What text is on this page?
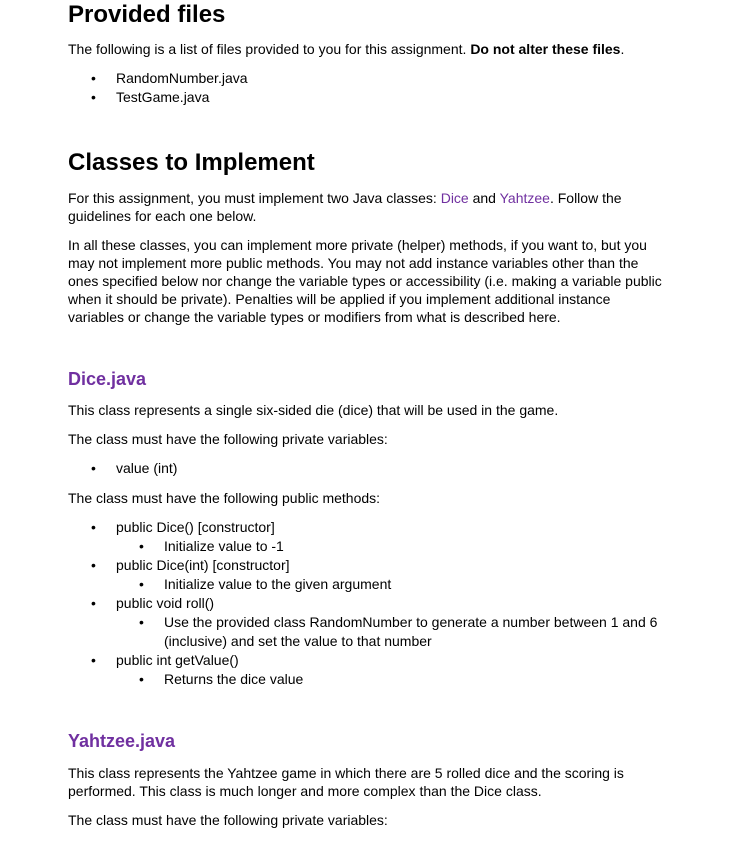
Provided files

The following is a list of files provided to you for this assignment. Do not alter these files.

• RandomNumber.java
• TestGame.java
Classes to Implement

For this assignment, you must implement two Java classes: Dice and Yahtzee. Follow the
guidelines for each one below.

In all these classes, you can implement more private (helper) methods, if you want to, but you
may not implement more public methods. You may not add instance variables other than the
ones specified below nor change the variable types or accessibility (i.e. making a variable public
when it should be private). Penalties will be applied if you implement additional instance
variables or change the variable types or modifiers from what is described here.

Dice.java

This class represents a single six-sided die (dice) that will be used in the game.

The class must have the following private variables:

• value (int)

The class must have the following public methods:

• public Dice() [constructor]
• Initialize value to -1
• public Dice(int) [constructor]
• Initialize value to the given argument
• public void roll()
• Use the provided class RandomNumber to generate a number between 1 and 6
(inclusive) and set the value to that number
• public int getValue()
• Returns the dice value
Yahtzee.java

This class represents the Yahtzee game in which there are 5 rolled dice and the scoring is
performed. This class is much longer and more complex than the Dice class.

The class must have the following private variables:
